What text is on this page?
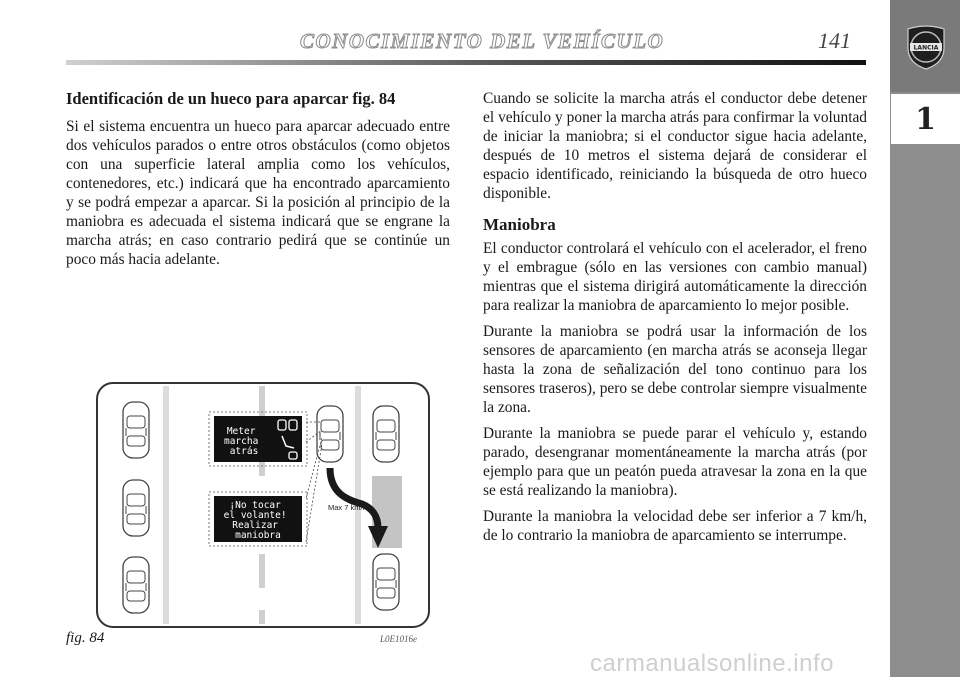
CONOCIMIENTO DEL VEHÍCULO	141	LANCIA
1
Identificación de un hueco para aparcar fig. 84
Si el sistema encuentra un hueco para aparcar adecuado entre dos vehículos parados o entre otros obstáculos (como objetos con una superficie lateral amplia como los vehículos, contenedores, etc.) indicará que ha encontrado aparcamiento y se podrá empezar a aparcar. Si la posición al principio de la maniobra es adecuada el sistema indicará que se engrane la marcha atrás; en caso contrario pedirá que se continúe un poco más hacia adelante.

Cuando se solicite la marcha atrás el conductor debe detener el vehículo y poner la marcha atrás para confirmar la voluntad de iniciar la maniobra; si el conductor sigue hacia adelante, después de 10 metros el sistema dejará de considerar el espacio identificado, reiniciando la búsqueda de otro hueco disponible.

Maniobra

El conductor controlará el vehículo con el acelerador, el freno y el embrague (sólo en las versiones con cambio manual) mientras que el sistema dirigirá automáticamente la dirección para realizar la maniobra de aparcamiento lo mejor posible.

Durante la maniobra se podrá usar la información de los sensores de aparcamiento (en marcha atrás se aconseja llegar hasta la zona de señalización del tono continuo para los sensores traseros), pero se debe controlar siempre visualmente la zona.

Durante la maniobra se puede parar el vehículo y, estando parado, desengranar momentáneamente la marcha atrás (por ejemplo para que un peatón pueda atravesar la zona en la que se está realizando la maniobra).

Durante la maniobra la velocidad debe ser inferior a 7 km/h, de lo contrario la maniobra de aparcamiento se interrumpe.

Meter marcha atrás
¡No tocar el volante! Realizar maniobra
Max 7 km/h
fig. 84	L0E1016e
carmanualsonline.info
